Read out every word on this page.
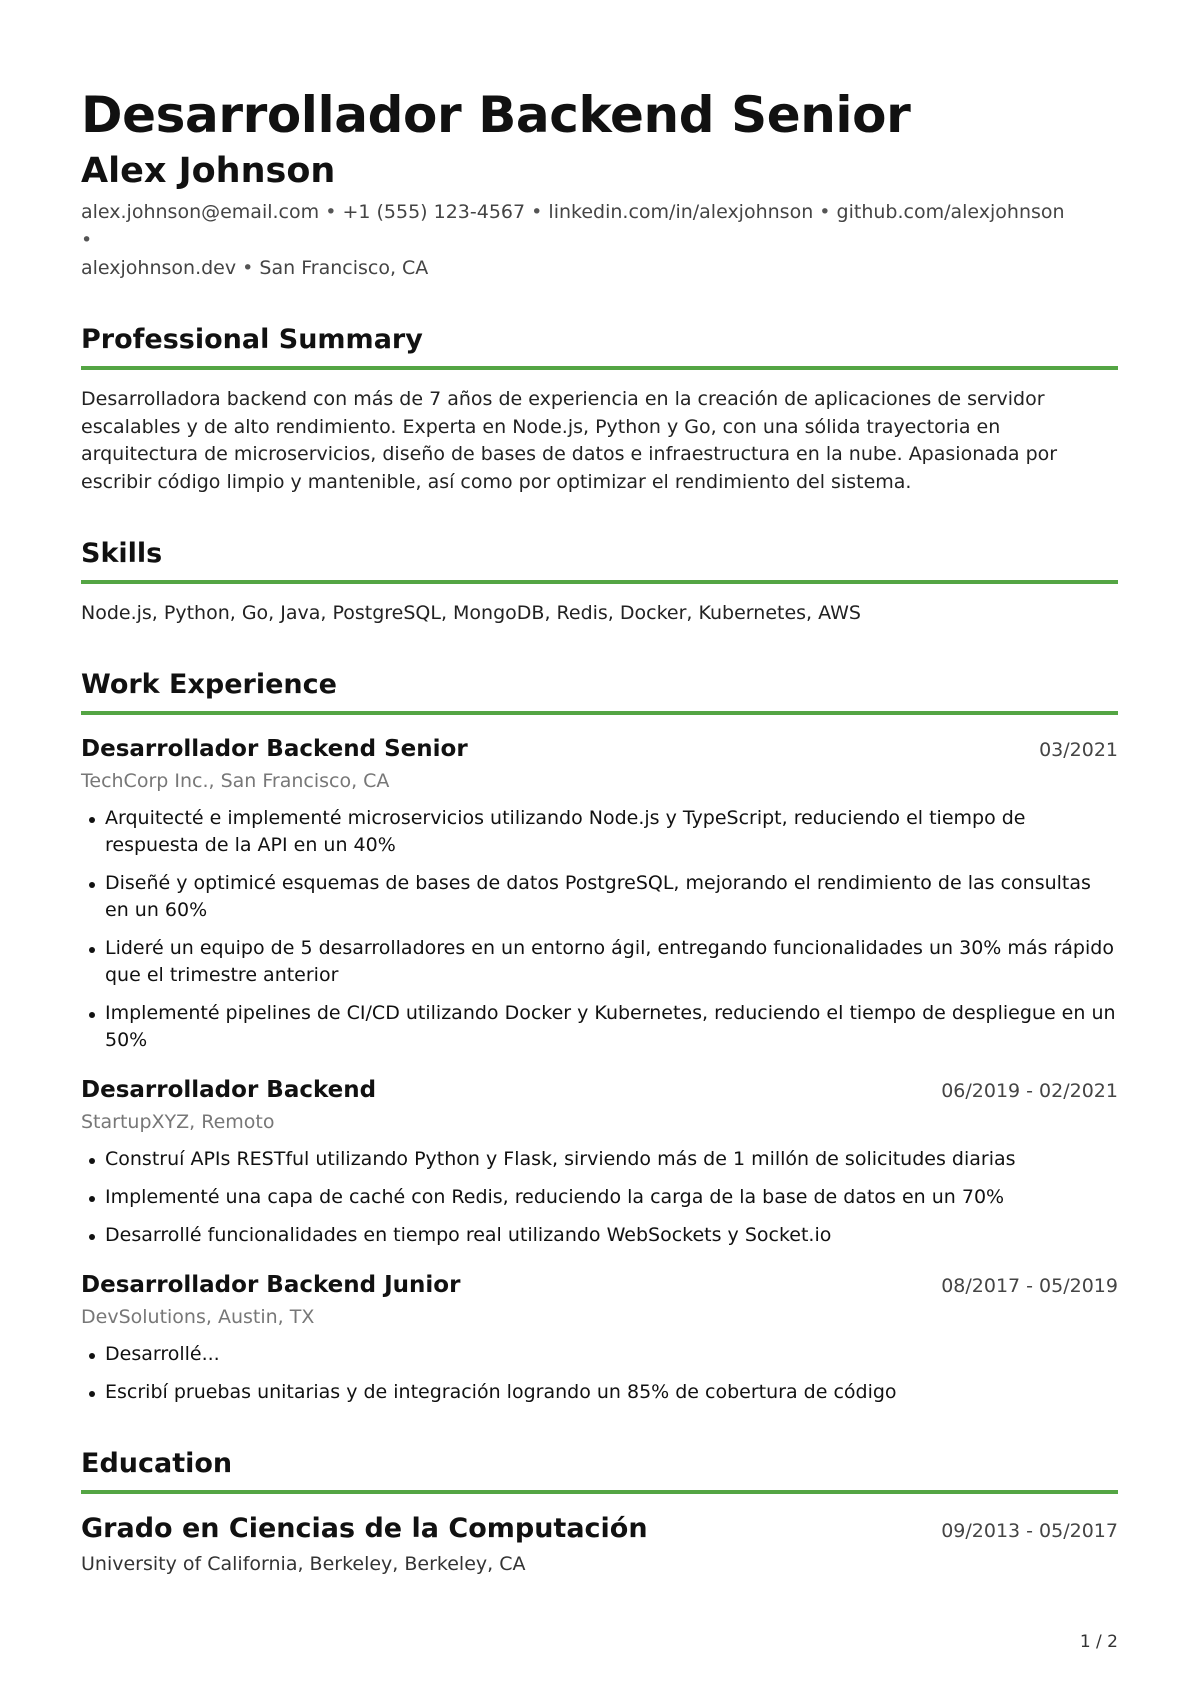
Desarrollador Backend Senior
Alex Johnson
alex.johnson@email.com • +1 (555) 123-4567 • linkedin.com/in/alexjohnson • github.com/alexjohnson •
alexjohnson.dev • San Francisco, CA
Professional Summary
Desarrolladora backend con más de 7 años de experiencia en la creación de aplicaciones de servidor escalables y de alto rendimiento. Experta en Node.js, Python y Go, con una sólida trayectoria en arquitectura de microservicios, diseño de bases de datos e infraestructura en la nube. Apasionada por escribir código limpio y mantenible, así como por optimizar el rendimiento del sistema.
Skills
Node.js, Python, Go, Java, PostgreSQL, MongoDB, Redis, Docker, Kubernetes, AWS
Work Experience
Desarrollador Backend Senior	03/2021
TechCorp Inc., San Francisco, CA
Arquitecté e implementé microservicios utilizando Node.js y TypeScript, reduciendo el tiempo de respuesta de la API en un 40%
Diseñé y optimicé esquemas de bases de datos PostgreSQL, mejorando el rendimiento de las consultas en un 60%
Lideré un equipo de 5 desarrolladores en un entorno ágil, entregando funcionalidades un 30% más rápido que el trimestre anterior
Implementé pipelines de CI/CD utilizando Docker y Kubernetes, reduciendo el tiempo de despliegue en un 50%
Desarrollador Backend	06/2019 - 02/2021
StartupXYZ, Remoto
Construí APIs RESTful utilizando Python y Flask, sirviendo más de 1 millón de solicitudes diarias
Implementé una capa de caché con Redis, reduciendo la carga de la base de datos en un 70%
Desarrollé funcionalidades en tiempo real utilizando WebSockets y Socket.io
Desarrollador Backend Junior	08/2017 - 05/2019
DevSolutions, Austin, TX
Desarrollé...
Escribí pruebas unitarias y de integración logrando un 85% de cobertura de código
Education
Grado en Ciencias de la Computación	09/2013 - 05/2017
University of California, Berkeley, Berkeley, CA
1 / 2
